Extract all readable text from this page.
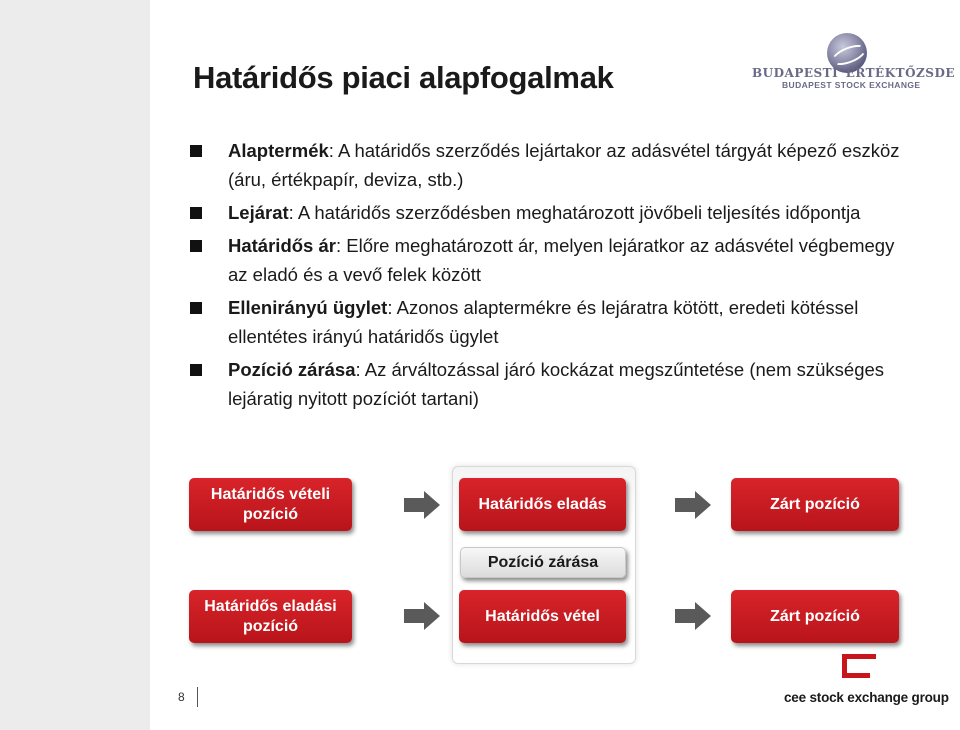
Határidős piaci alapfogalmak	BUDAPESTI ÉRTÉKTŐZSDE
BUDAPEST STOCK EXCHANGE
Alaptermék: A határidős szerződés lejártakor az adásvétel tárgyát képező eszköz (áru, értékpapír, deviza, stb.)
Lejárat: A határidős szerződésben meghatározott jövőbeli teljesítés időpontja
Határidős ár: Előre meghatározott ár, melyen lejáratkor az adásvétel végbemegy az eladó és a vevő felek között
Ellenirányú ügylet: Azonos alaptermékre és lejáratra kötött, eredeti kötéssel ellentétes irányú határidős ügylet
Pozíció zárása: Az árváltozással járó kockázat megszűntetése (nem szükséges lejáratig nyitott pozíciót tartani)
Határidős vételi pozíció
Határidős eladás	Zárt pozíció
Pozíció zárása
Határidős eladási pozíció
Határidős vétel	Zárt pozíció
8	cee stock exchange group
